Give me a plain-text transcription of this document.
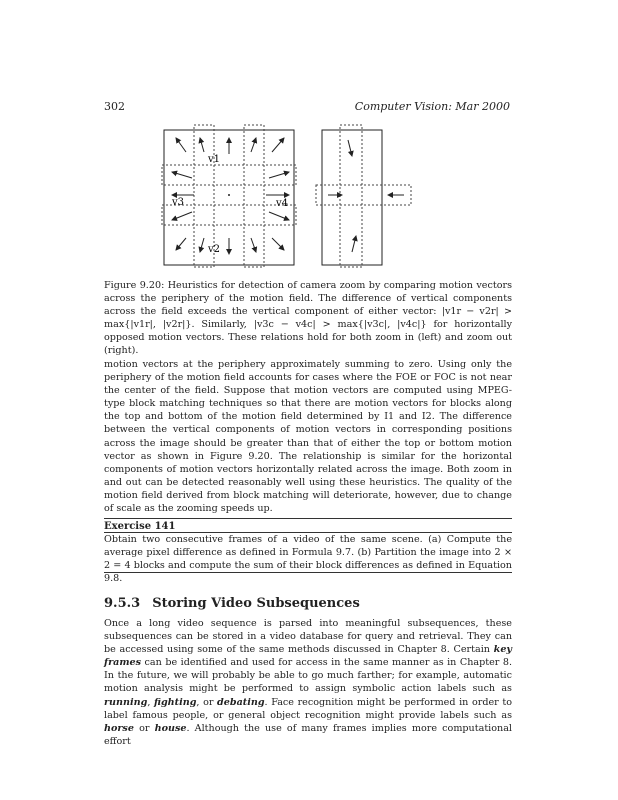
302	Computer Vision: Mar 2000
v1
v2
v3	v4
Figure 9.20: Heuristics for detection of camera zoom by comparing motion vectors across the periphery of the motion field. The difference of vertical components across the field exceeds the vertical component of either vector: |v1r − v2r| > max{|v1r|, |v2r|}. Similarly, |v3c − v4c| > max{|v3c|, |v4c|} for horizontally opposed motion vectors. These relations hold for both zoom in (left) and zoom out (right).
motion vectors at the periphery approximately summing to zero. Using only the periphery of the motion field accounts for cases where the FOE or FOC is not near the center of the field. Suppose that motion vectors are computed using MPEG-type block matching techniques so that there are motion vectors for blocks along the top and bottom of the motion field determined by I1 and I2. The difference between the vertical components of motion vectors in corresponding positions across the image should be greater than that of either the top or bottom motion vector as shown in Figure 9.20. The relationship is similar for the horizontal components of motion vectors horizontally related across the image. Both zoom in and out can be detected reasonably well using these heuristics. The quality of the motion field derived from block matching will deteriorate, however, due to change of scale as the zooming speeds up.
Exercise 141
Obtain two consecutive frames of a video of the same scene. (a) Compute the average pixel difference as defined in Formula 9.7. (b) Partition the image into 2 × 2 = 4 blocks and compute the sum of their block differences as defined in Equation 9.8.
9.5.3 Storing Video Subsequences
Once a long video sequence is parsed into meaningful subsequences, these subsequences can be stored in a video database for query and retrieval. They can be accessed using some of the same methods discussed in Chapter 8. Certain key frames can be identified and used for access in the same manner as in Chapter 8. In the future, we will probably be able to go much farther; for example, automatic motion analysis might be performed to assign symbolic action labels such as running, fighting, or debating. Face recognition might be performed in order to label famous people, or general object recognition might provide labels such as horse or house. Although the use of many frames implies more computational effort
